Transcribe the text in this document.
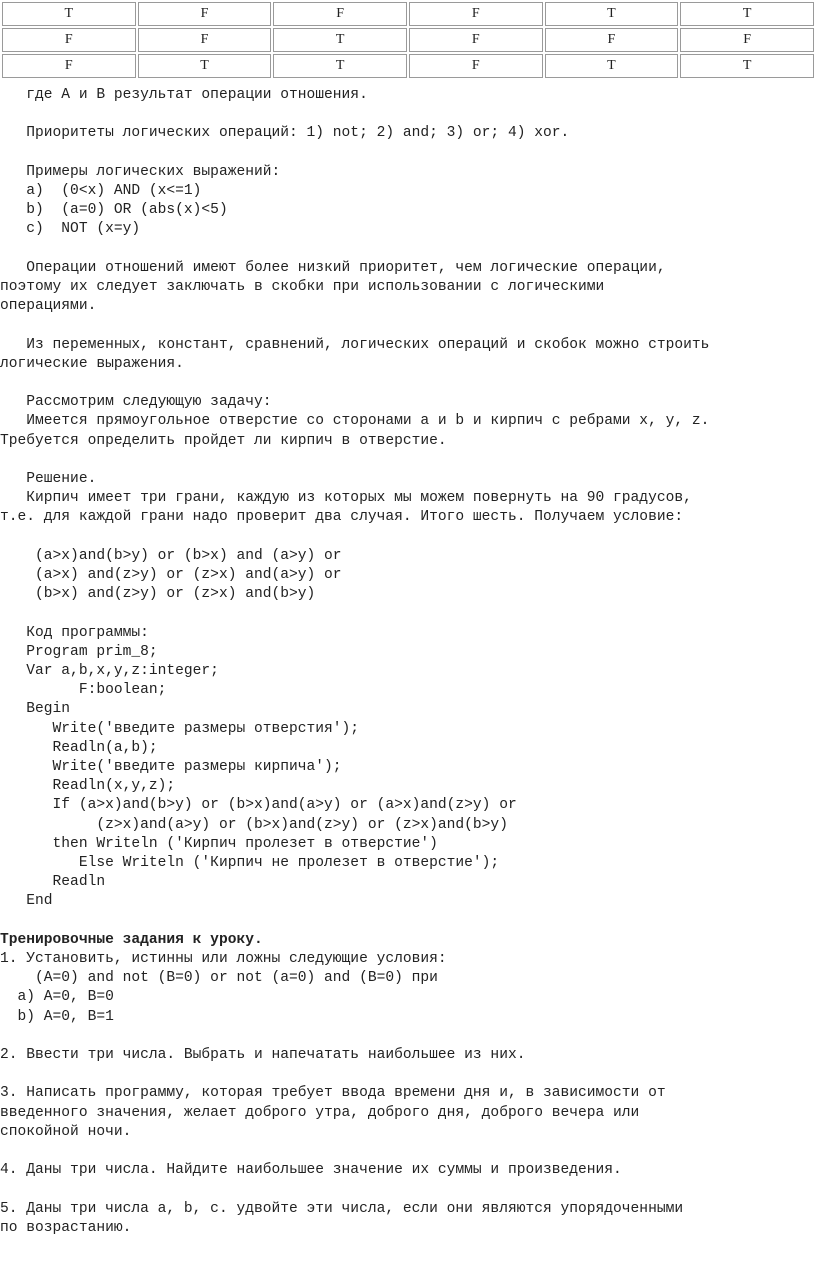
T	F	F	F	T	T
F	F	T	F	F	F
F	T	T	F	T	T
где A и B результат операции отношения.
Приоритеты логических операций: 1) not; 2) and; 3) or; 4) xor.
Примеры логических выражений:
a)  (0<x) AND (x<=1)
b)  (a=0) OR (abs(x)<5)
c)  NOT (x=y)
Операции отношений имеют более низкий приоритет, чем логические операции,
поэтому их следует заключать в скобки при использовании с логическими
операциями.
Из переменных, констант, сравнений, логических операций и скобок можно строить
логические выражения.
Рассмотрим следующую задачу:
Имеется прямоугольное отверстие со сторонами a и b и кирпич с ребрами x, у, z.
Требуется определить пройдет ли кирпич в отверстие.
Решение.
Кирпич имеет три грани, каждую из которых мы можем повернуть на 90 градусов,
т.е. для каждой грани надо проверит два случая. Итого шесть. Получаем условие:
(a>x)and(b>y) or (b>x) and (a>y) or
(a>x) and(z>y) or (z>x) and(a>y) or
(b>x) and(z>y) or (z>x) and(b>y)
Код программы:
Program prim_8;
Var a,b,x,y,z:integer;
F:boolean;
Begin
Write('введите размеры отверстия');
Readln(a,b);
Write('введите размеры кирпича');
Readln(x,y,z);
If (a>x)and(b>y) or (b>x)and(a>y) or (a>x)and(z>y) or
(z>x)and(a>y) or (b>x)and(z>y) or (z>x)and(b>y)
then Writeln ('Кирпич пролезет в отверстие')
Else Writeln ('Кирпич не пролезет в отверстие');
Readln
End
Тренировочные задания к уроку.
1. Установить, истинны или ложны следующие условия:
(A=0) and not (B=0) or not (a=0) and (B=0) при
a) A=0, B=0
b) A=0, B=1
2. Ввести три числа. Выбрать и напечатать наибольшее из них.
3. Написать программу, которая требует ввода времени дня и, в зависимости от
введенного значения, желает доброго утра, доброго дня, доброго вечера или
спокойной ночи.
4. Даны три числа. Найдите наибольшее значение их суммы и произведения.
5. Даны три числа a, b, c. удвойте эти числа, если они являются упорядоченными
по возрастанию.
